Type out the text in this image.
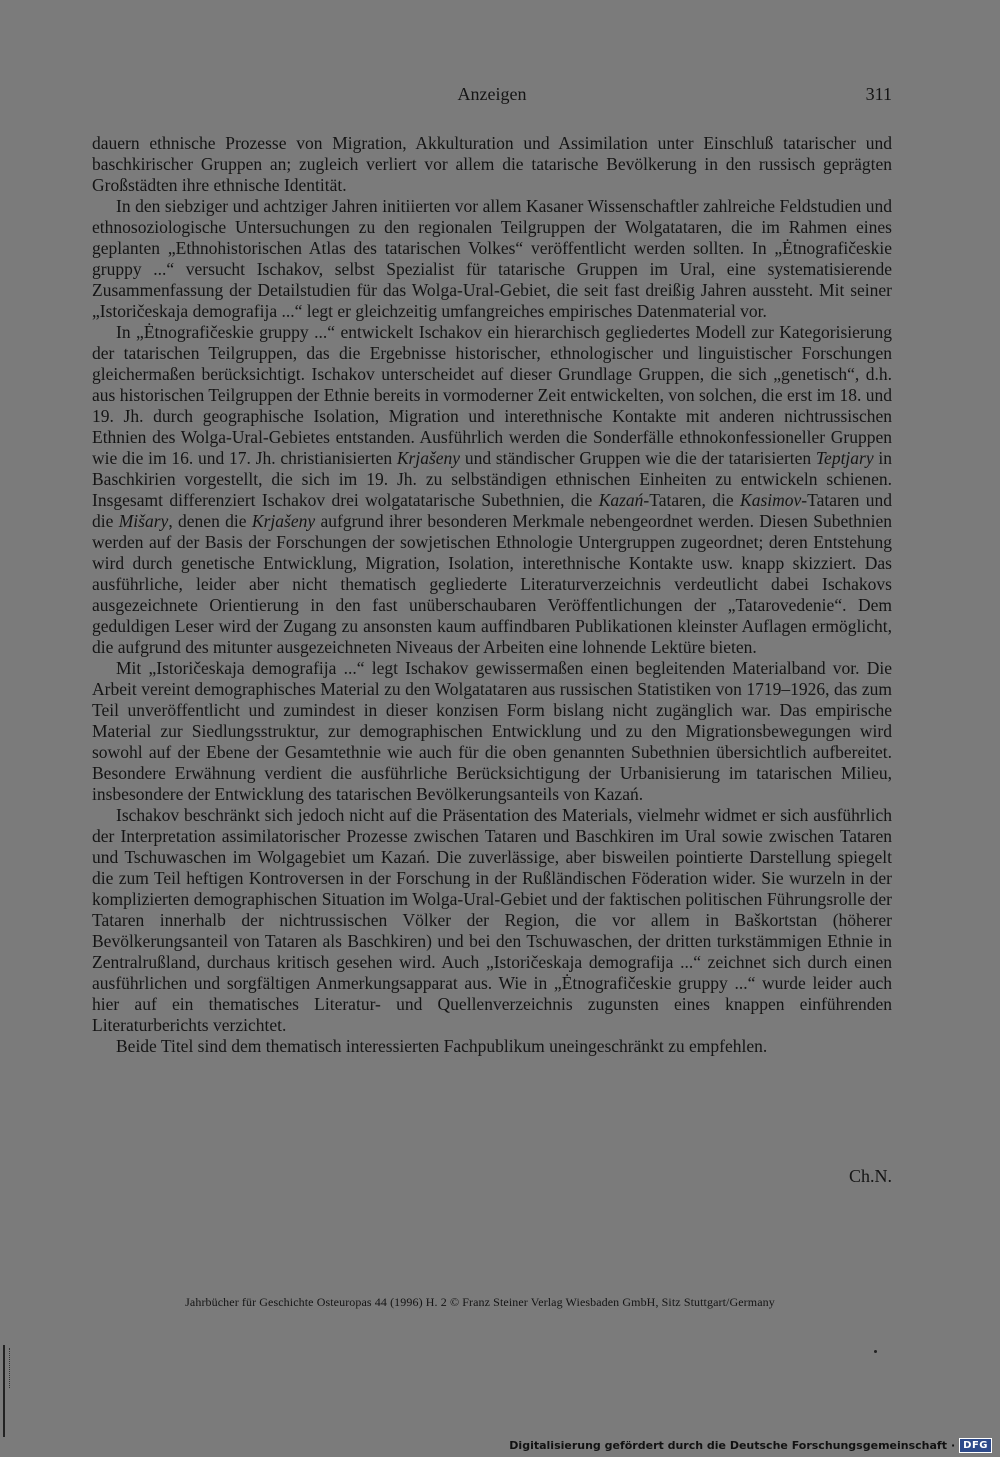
Anzeigen	311

dauern ethnische Prozesse von Migration, Akkulturation und Assimilation unter Einschluß tatarischer und baschkirischer Gruppen an; zugleich verliert vor allem die tatarische Bevölkerung in den russisch geprägten Großstädten ihre ethnische Identität.

In den siebziger und achtziger Jahren initiierten vor allem Kasaner Wissenschaftler zahlreiche Feldstudien und ethnosoziologische Untersuchungen zu den regionalen Teilgruppen der Wolgatataren, die im Rahmen eines geplanten „Ethnohistorischen Atlas des tatarischen Volkes“ veröffentlicht werden sollten. In „Ėtnografičeskie gruppy ...“ versucht Ischakov, selbst Spezialist für tatarische Gruppen im Ural, eine systematisierende Zusammenfassung der Detailstudien für das Wolga-Ural-Gebiet, die seit fast dreißig Jahren aussteht. Mit seiner „Istoričeskaja demografija ...“ legt er gleichzeitig umfangreiches empirisches Datenmaterial vor.

In „Ėtnografičeskie gruppy ...“ entwickelt Ischakov ein hierarchisch gegliedertes Modell zur Kategorisierung der tatarischen Teilgruppen, das die Ergebnisse historischer, ethnologischer und linguistischer Forschungen gleichermaßen berücksichtigt. Ischakov unterscheidet auf dieser Grundlage Gruppen, die sich „genetisch“, d.h. aus historischen Teilgruppen der Ethnie bereits in vormoderner Zeit entwickelten, von solchen, die erst im 18. und 19. Jh. durch geographische Isolation, Migration und interethnische Kontakte mit anderen nichtrussischen Ethnien des Wolga-Ural-Gebietes entstanden. Ausführlich werden die Sonderfälle ethnokonfessioneller Gruppen wie die im 16. und 17. Jh. christianisierten Krjašeny und ständischer Gruppen wie die der tatarisierten Teptjary in Baschkirien vorgestellt, die sich im 19. Jh. zu selbständigen ethnischen Einheiten zu entwickeln schienen. Insgesamt differenziert Ischakov drei wolgatatarische Subethnien, die Kazań-Tataren, die Kasimov-Tataren und die Mišary, denen die Krjašeny aufgrund ihrer besonderen Merkmale nebengeordnet werden. Diesen Subethnien werden auf der Basis der Forschungen der sowjetischen Ethnologie Untergruppen zugeordnet; deren Entstehung wird durch genetische Entwicklung, Migration, Isolation, interethnische Kontakte usw. knapp skizziert. Das ausführliche, leider aber nicht thematisch gegliederte Literaturverzeichnis verdeutlicht dabei Ischakovs ausgezeichnete Orientierung in den fast unüberschaubaren Veröffentlichungen der „Tatarovedenie“. Dem geduldigen Leser wird der Zugang zu ansonsten kaum auffindbaren Publikationen kleinster Auflagen ermöglicht, die aufgrund des mitunter ausgezeichneten Niveaus der Arbeiten eine lohnende Lektüre bieten.

Mit „Istoričeskaja demografija ...“ legt Ischakov gewissermaßen einen begleitenden Materialband vor. Die Arbeit vereint demographisches Material zu den Wolgatataren aus russischen Statistiken von 1719–1926, das zum Teil unveröffentlicht und zumindest in dieser konzisen Form bislang nicht zugänglich war. Das empirische Material zur Siedlungsstruktur, zur demographischen Entwicklung und zu den Migrationsbewegungen wird sowohl auf der Ebene der Gesamtethnie wie auch für die oben genannten Subethnien übersichtlich aufbereitet. Besondere Erwähnung verdient die ausführliche Berücksichtigung der Urbanisierung im tatarischen Milieu, insbesondere der Entwicklung des tatarischen Bevölkerungsanteils von Kazań.

Ischakov beschränkt sich jedoch nicht auf die Präsentation des Materials, vielmehr widmet er sich ausführlich der Interpretation assimilatorischer Prozesse zwischen Tataren und Baschkiren im Ural sowie zwischen Tataren und Tschuwaschen im Wolgagebiet um Kazań. Die zuverlässige, aber bisweilen pointierte Darstellung spiegelt die zum Teil heftigen Kontroversen in der Forschung in der Rußländischen Föderation wider. Sie wurzeln in der komplizierten demographischen Situation im Wolga-Ural-Gebiet und der faktischen politischen Führungsrolle der Tataren innerhalb der nichtrussischen Völker der Region, die vor allem in Baškortstan (höherer Bevölkerungsanteil von Tataren als Baschkiren) und bei den Tschuwaschen, der dritten turkstämmigen Ethnie in Zentralrußland, durchaus kritisch gesehen wird. Auch „Istoričeskaja demografija ...“ zeichnet sich durch einen ausführlichen und sorgfältigen Anmerkungsapparat aus. Wie in „Ėtnografičeskie gruppy ...“ wurde leider auch hier auf ein thematisches Literatur- und Quellenverzeichnis zugunsten eines knappen einführenden Literaturberichts verzichtet.

Beide Titel sind dem thematisch interessierten Fachpublikum uneingeschränkt zu empfehlen.

Ch.N.
Jahrbücher für Geschichte Osteuropas 44 (1996) H. 2 © Franz Steiner Verlag Wiesbaden GmbH, Sitz Stuttgart/Germany
Digitalisierung gefördert durch die Deutsche Forschungsgemeinschaft · DFG
